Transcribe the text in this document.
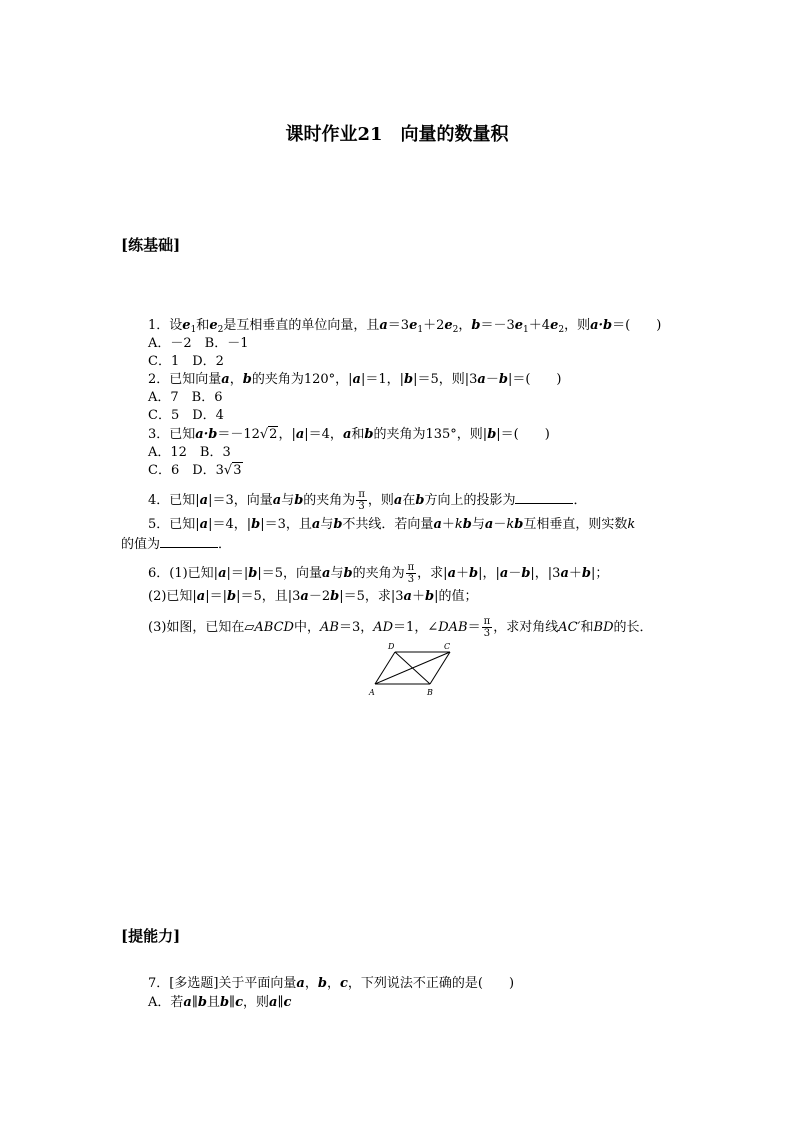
课时作业21　向量的数量积
[练基础]
1．设$e_1$和$e_2$是互相垂直的单位向量，且$a=3e_1+2e_2$，$b=-3e_1+4e_2$，则a·b＝(　　)
A．－2　B．－1
C．1　D．2
2．已知向量a，b的夹角为120°，|a|＝1，|b|＝5，则|3a－b|＝(　　)
A．7　B．6
C．5　D．4
3．已知a·b＝－12√2，|a|＝4，a和b的夹角为135°，则|b|＝(　　)
A．12　B．3
C．6　D．3√3
4．已知|a|＝3，向量a与b的夹角为 $\frac{\pi}{3}$ ，则a在b方向上的投影为	．
5．已知|a|＝4，|b|＝3，且a与b不共线．若向量a＋kb与a－kb互相垂直，则实数k
的值为	．
6．(1)已知|a|＝|b|＝5，向量a与b的夹角为 $\frac{\pi}{3}$ ，求|a＋b|，|a－b|，|3a＋b|；
(2)已知|a|＝|b|＝5，且|3a－2b|＝5，求|3a＋b|的值；
(3)如图，已知在▱ABCD中，AB＝3，AD＝1，∠DAB＝ $\frac{\pi}{3}$ ，求对角线AC′和BD的长．
A	B
C
D
[提能力]
7．[多选题]关于平面向量a，b，c，下列说法不正确的是(　　)
A．若a∥b且b∥c，则a∥c
